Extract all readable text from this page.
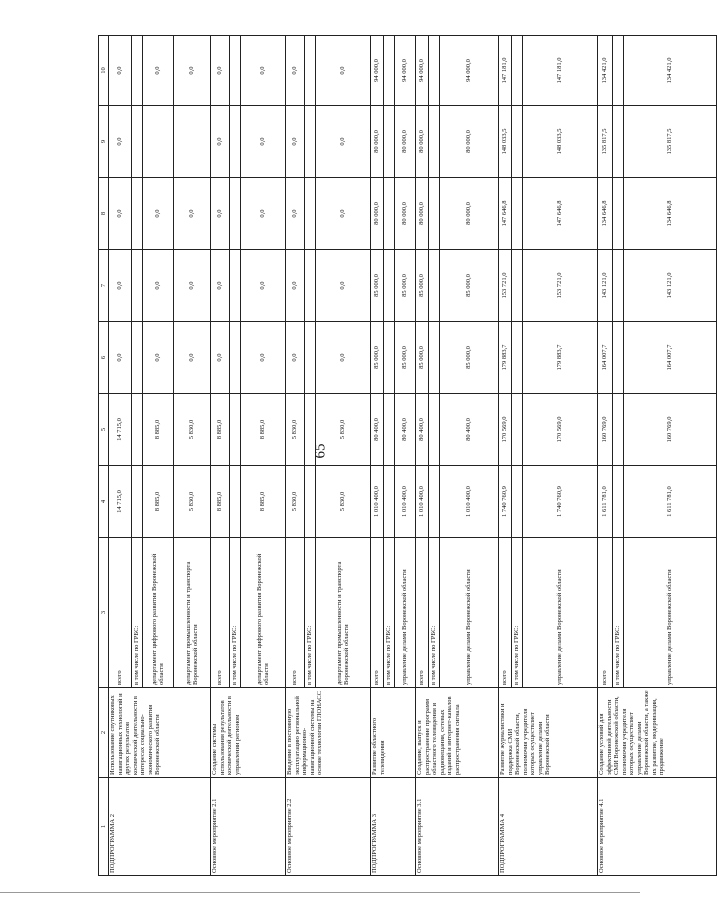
65
1	2	3	4	5	6	7	8	9	10
ПОДПРОГРАММА 2	Использование спутниковых навигационных технологий и других результатов космической деятельности в интересах социально-экономического развития Воронежской области	всего	14 715,0	14 715,0	0,0	0,0	0,0	0,0	0,0
		в том числе по ГРБС:							
		департамент цифрового развития Воронежской области	8 885,0	8 885,0	0,0	0,0	0,0		0,0
		департамент промышленности и транспорта Воронежской области	5 830,0	5 830,0	0,0	0,0	0,0		0,0
Основное мероприятие 2.1	Создание системы использования результатов космической деятельности в управлении регионом	всего	8 885,0	8 885,0	0,0	0,0	0,0	0,0	0,0
		в том числе по ГРБС:							
		департамент цифрового развития Воронежской области	8 885,0	8 885,0	0,0	0,0	0,0	0,0	0,0
Основное мероприятие 2.2	Введение в постоянную эксплуатацию региональной информационно-навигационной системы на основе технологии ГЛОНАСС	всего	5 830,0	5 830,0	0,0	0,0	0,0	0,0	0,0
		в том числе по ГРБС:							
		департамент промышленности и транспорта Воронежской области	5 830,0	5 830,0	0,0	0,0	0,0	0,0	0,0
ПОДПРОГРАММА 3	Развитие областного телевидения	всего	1 010 400,0	80 400,0	85 000,0	85 000,0	80 000,0	80 000,0	94 000,0
		в том числе по ГРБС:							
		управление делами Воронежской области	1 010 400,0	80 400,0	85 000,0	85 000,0	80 000,0	80 000,0	94 000,0
Основное мероприятие 3.1	Создание, выпуск и распространение программ областного телевидения и радиовещания, сетевых изданий и интернет-каналов распространения сигнала	всего	1 010 400,0	80 400,0	85 000,0	85 000,0	80 000,0	80 000,0	94 000,0
		в том числе по ГРБС:							
		управление делами Воронежской области	1 010 400,0	80 400,0	85 000,0	85 000,0	80 000,0	80 000,0	94 000,0
ПОДПРОГРАММА 4	Развитие журналистики и поддержка СМИ Воронежской области, полномочия учредителя которых осуществляет управление делами Воронежской области	всего	1 740 760,9	170 569,0	179 883,7	153 721,0	147 646,8	148 033,5	147 181,0
		в том числе по ГРБС:							
		управление делами Воронежской области	1 740 760,9	170 569,0	179 883,7	153 721,0	147 646,8	148 033,5	147 181,0
Основное мероприятие 4.1	Создание условий для эффективной деятельности СМИ Воронежской области, полномочия учредителя которых осуществляет управление делами Воронежской области, а также их развитие, модернизация, продвижение	всего	1 611 781,0	160 769,0	164 007,7	143 121,0	134 646,8	135 817,5	134 421,0
		в том числе по ГРБС:							
		управление делами Воронежской области	1 611 781,0	160 769,0	164 007,7	143 121,0	134 646,8	135 817,5	134 421,0
